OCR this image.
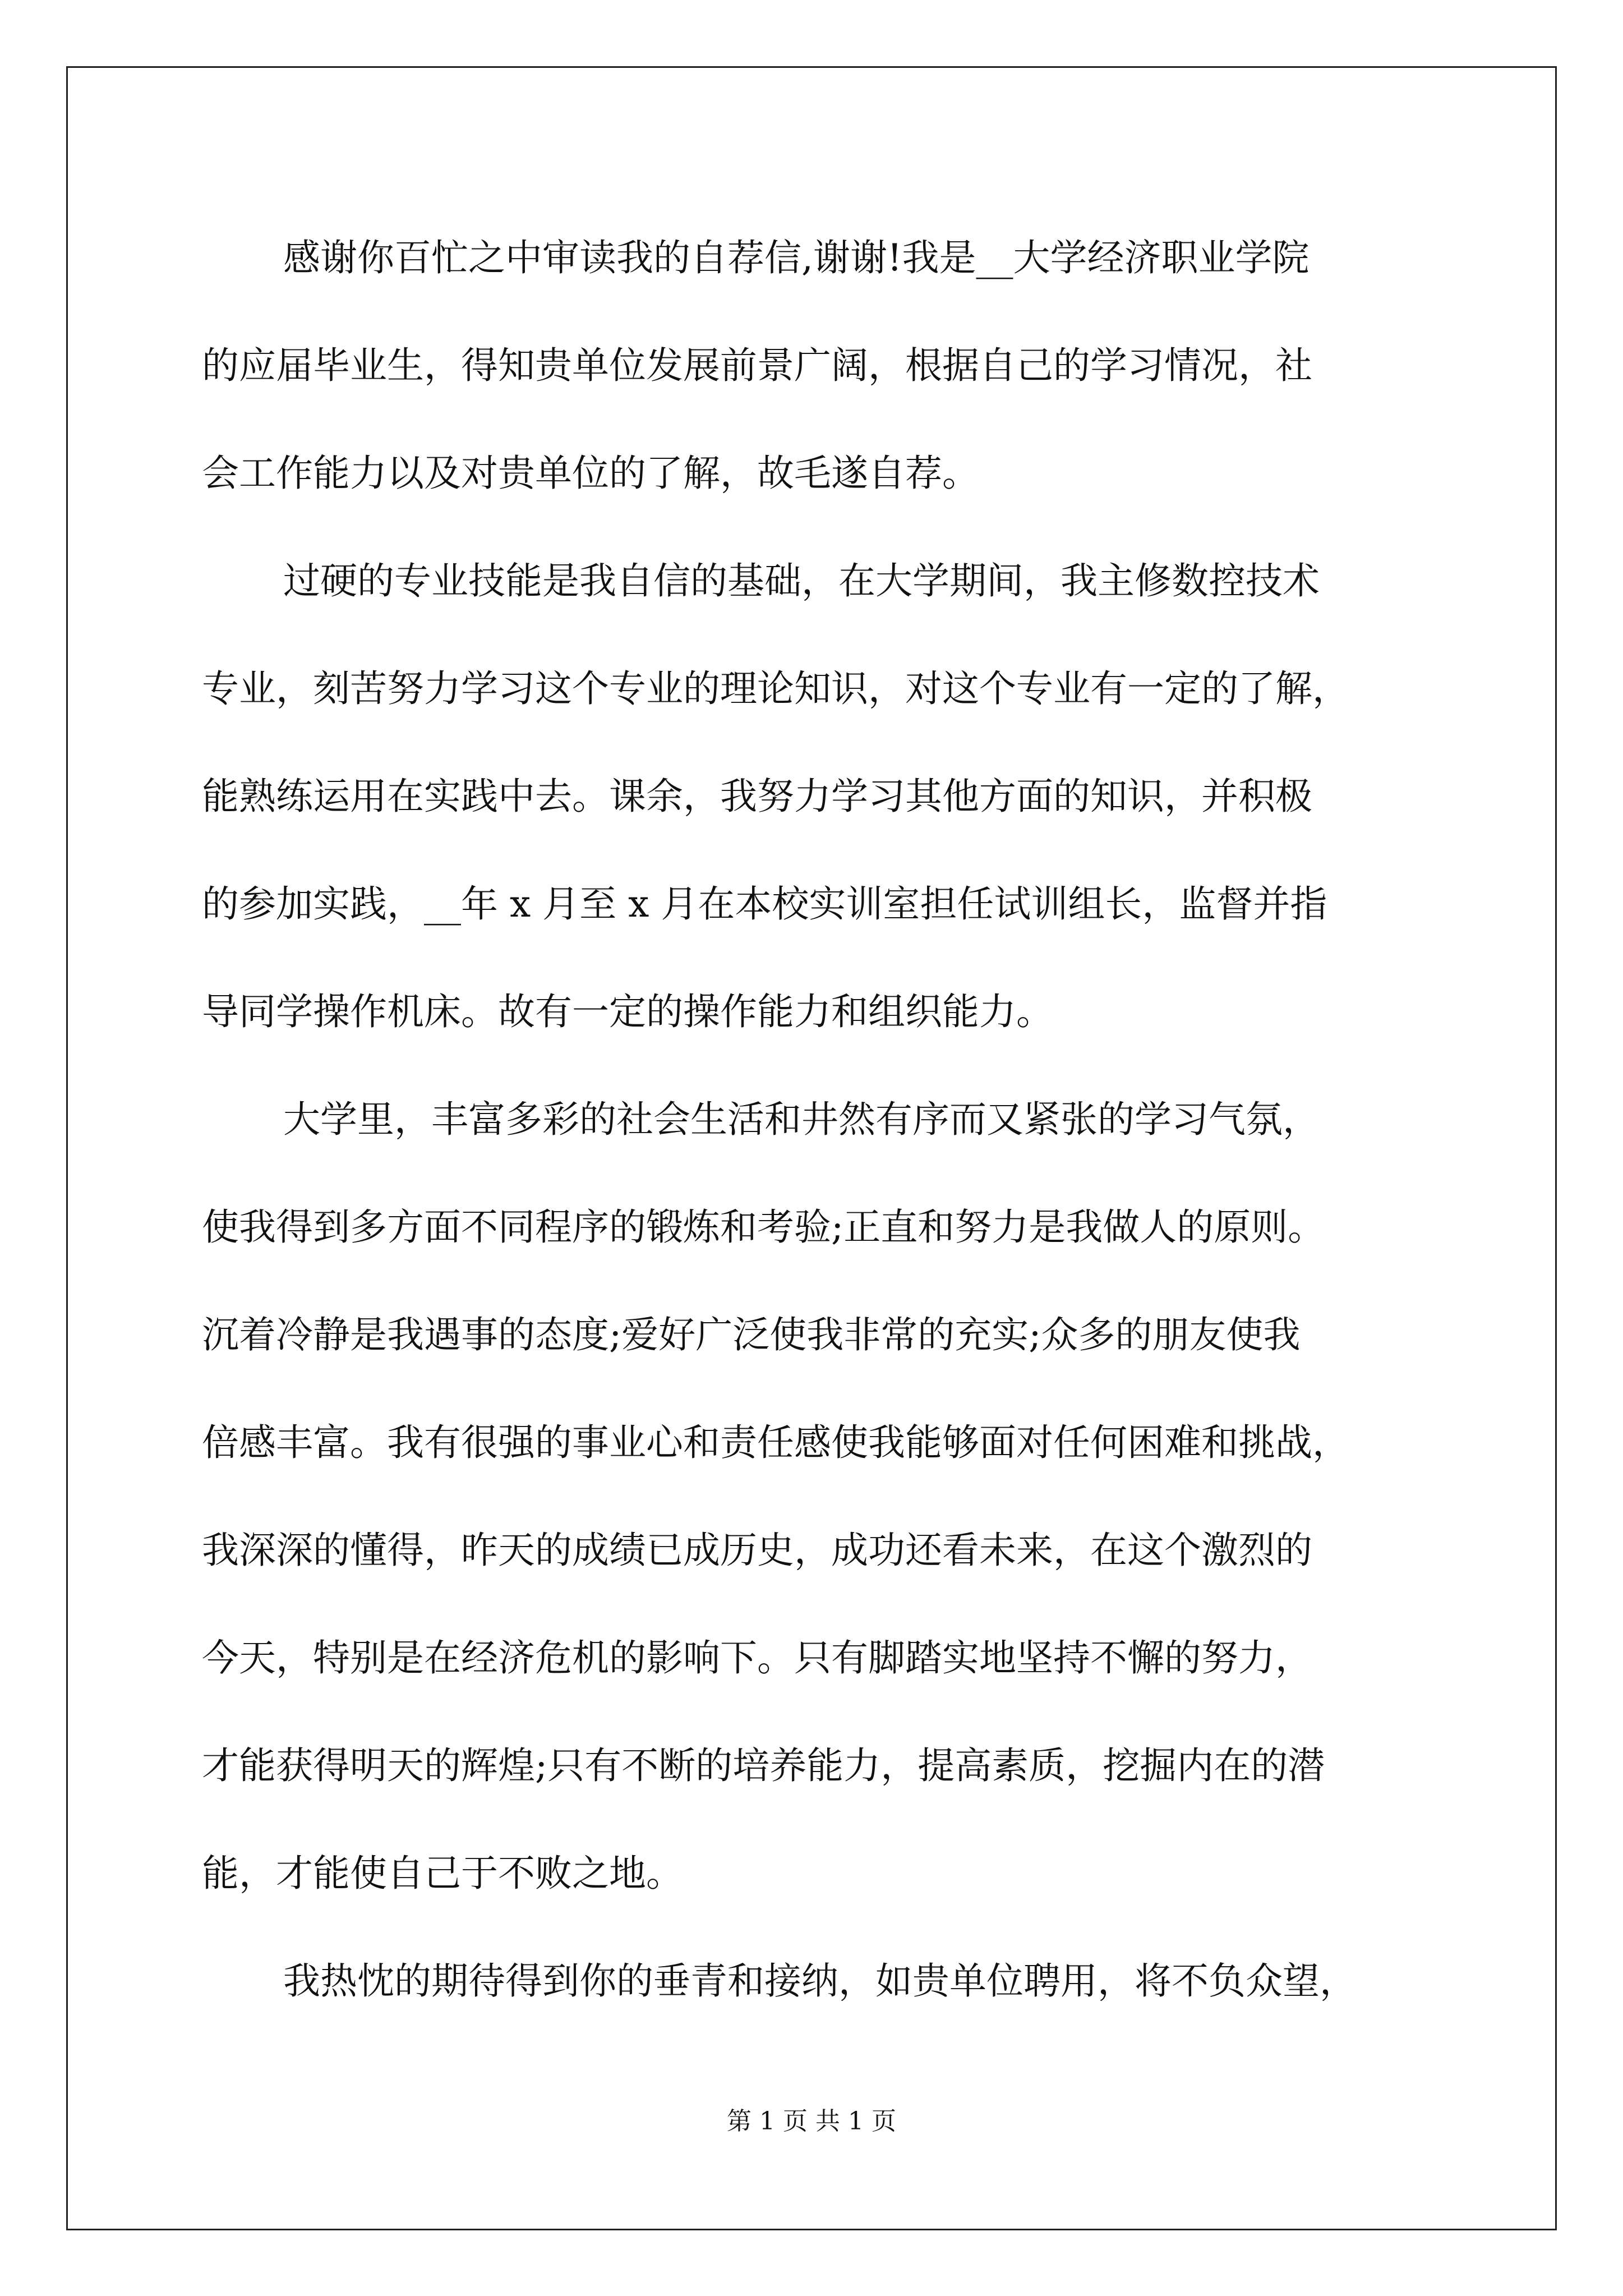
感谢你百忙之中审读我的自荐信,谢谢!我是__大学经济职业学院
的应届毕业生，得知贵单位发展前景广阔，根据自己的学习情况，社
会工作能力以及对贵单位的了解，故毛遂自荐。
过硬的专业技能是我自信的基础，在大学期间，我主修数控技术
专业，刻苦努力学习这个专业的理论知识，对这个专业有一定的了解，
能熟练运用在实践中去。课余，我努力学习其他方面的知识，并积极
的参加实践，__年 x 月至 x 月在本校实训室担任试训组长，监督并指
导同学操作机床。故有一定的操作能力和组织能力。
大学里，丰富多彩的社会生活和井然有序而又紧张的学习气氛，
使我得到多方面不同程序的锻炼和考验;正直和努力是我做人的原则。
沉着冷静是我遇事的态度;爱好广泛使我非常的充实;众多的朋友使我
倍感丰富。我有很强的事业心和责任感使我能够面对任何困难和挑战，
我深深的懂得，昨天的成绩已成历史，成功还看未来，在这个激烈的
今天，特别是在经济危机的影响下。只有脚踏实地坚持不懈的努力，
才能获得明天的辉煌;只有不断的培养能力，提高素质，挖掘内在的潜
能，才能使自己于不败之地。
我热忱的期待得到你的垂青和接纳，如贵单位聘用，将不负众望，
第 1 页 共 1 页
